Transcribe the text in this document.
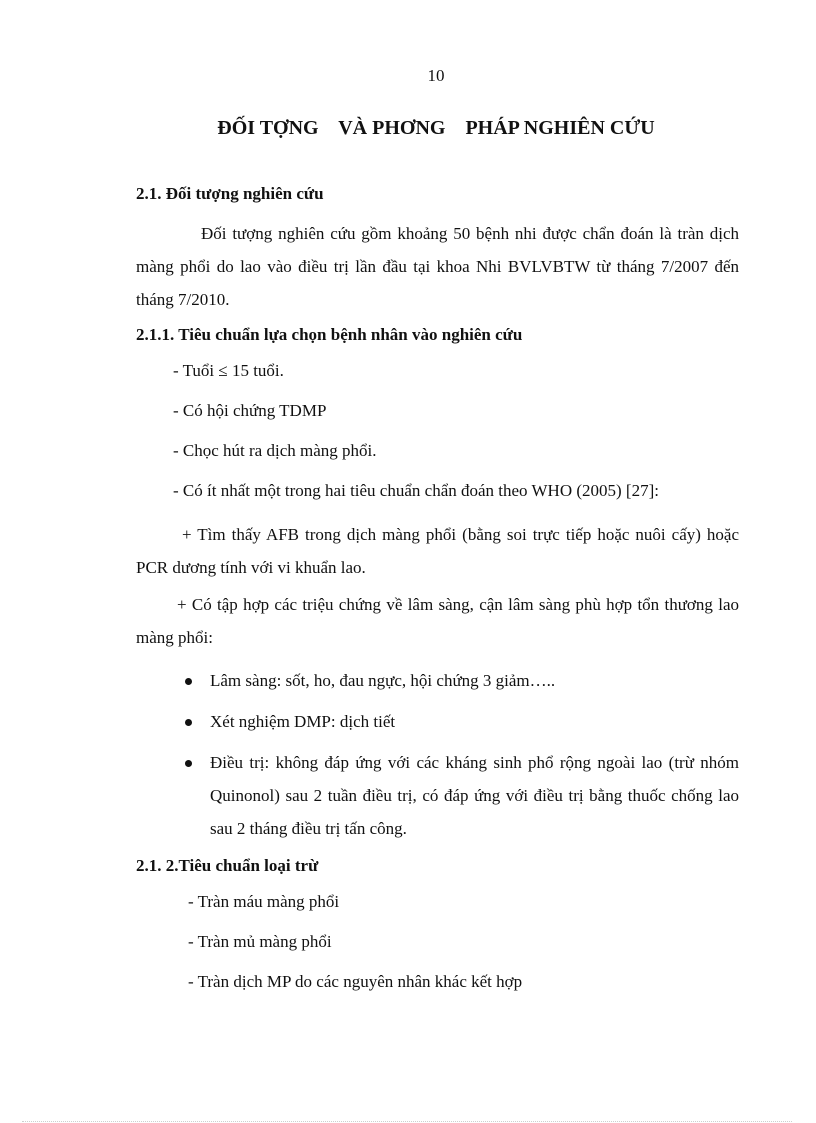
10
ĐỐI TỢNG    VÀ PHƠNG    PHÁP NGHIÊN CỨU
2.1. Đối tượng nghiên cứu

Đối tượng nghiên cứu gồm khoảng 50 bệnh nhi được chẩn đoán là tràn dịch màng phổi do lao vào điều trị lần đầu tại khoa Nhi BVLVBTW từ tháng 7/2007 đến tháng 7/2010.

2.1.1. Tiêu chuẩn lựa chọn bệnh nhân vào nghiên cứu
- Tuổi ≤ 15 tuổi.
- Có hội chứng TDMP
- Chọc hút ra dịch màng phổi.
- Có ít nhất một trong hai tiêu chuẩn chẩn đoán theo WHO (2005) [27]:

+ Tìm thấy AFB trong dịch màng phổi (bằng soi trực tiếp hoặc nuôi cấy) hoặc PCR dương tính với vi khuẩn lao.

+ Có tập hợp các triệu chứng về lâm sàng, cận lâm sàng phù hợp tổn thương lao màng phổi:

Lâm sàng: sốt, ho, đau ngực, hội chứng 3 giảm…..
Xét nghiệm DMP: dịch tiết
Điều trị: không đáp ứng với các kháng sinh phổ rộng ngoài lao (trừ nhóm Quinonol) sau 2 tuần điều trị, có đáp ứng với điều trị bằng thuốc chống lao sau 2 tháng điều trị tấn công.
2.1. 2.Tiêu chuẩn loại trừ
- Tràn máu màng phổi
- Tràn mủ màng phổi
- Tràn dịch MP do các nguyên nhân khác kết hợp
